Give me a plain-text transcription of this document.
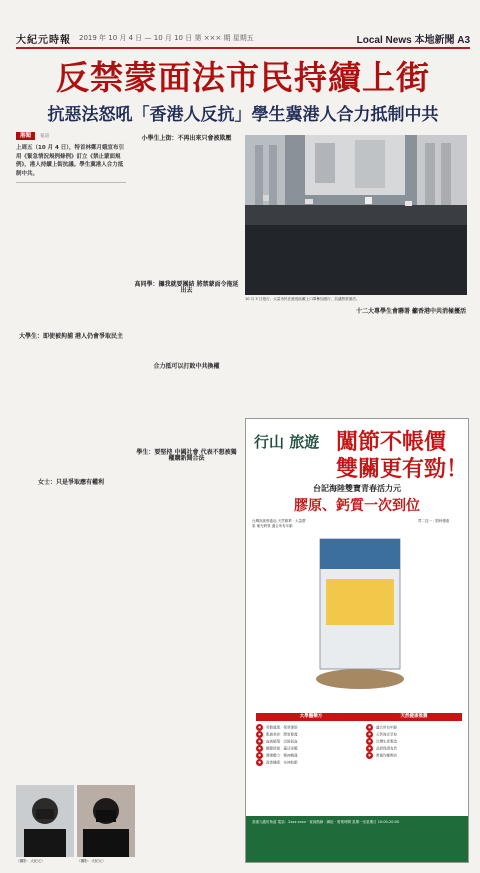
大紀元時報 2019 年 10 月 4 日 — 10 月 10 日 第 ××× 期 星期五	Local News 本地新聞 A3
反禁蒙面法市民持續上街
抗惡法怒吼「香港人反抗」學生冀港人合力抵制中共
港聞 報道
上周五（10 月 4 日），特首林鄭月娥宣布引用《緊急情況規例條例》訂立《禁止蒙面規例》，港人持續上街抗議。學生冀港人合力抵制中共。

大學生：即使被拘捕 港人仍會爭取民主
女士：只是爭取應有權利
小學生上街：不再出來只會被欺壓
高同學：攞我就要團結 將禁蒙面令拖延出去
合力抵可以打敗中共換權
學生：要堅持 中國社會 代表不想被獨權購新聞合法
十二大專學生會聯署 籲香港中共消極擾活
10 月 5 日遊行，大量市民在港島區戴上口罩參加遊行，抗議禁蒙面法。
（攝影：大紀元）	（攝影：大紀元）
行山 旅遊 闖節不帳價
雙關更有勁！
台記海陸雙寶青春活力元
膠原、鈣質一次到位
台灣高級營養品 天然精華 · 大量膠原 補充鈣質 適合所有年齡
買二送一 · 限時優惠
大學醫藥方
● 骨骼健康：保骨強筋
● 肌膚美容：膠原修護
● 血液循環：活絡氣血
● 關節舒緩：靈活身體
● 增強體力：精神飽滿
● 改善睡眠：安神助眠
天然健康推薦
● 適合所有年齡
● 天然海洋萃取
● 台灣生產製造
● 品質保證有效
● 營養均衡吸收
香港九龍旺角道 電話：2xxx xxxx · 查詢熱線 · 網址 · 營業時間 星期一至星期日 10:00-20:00
